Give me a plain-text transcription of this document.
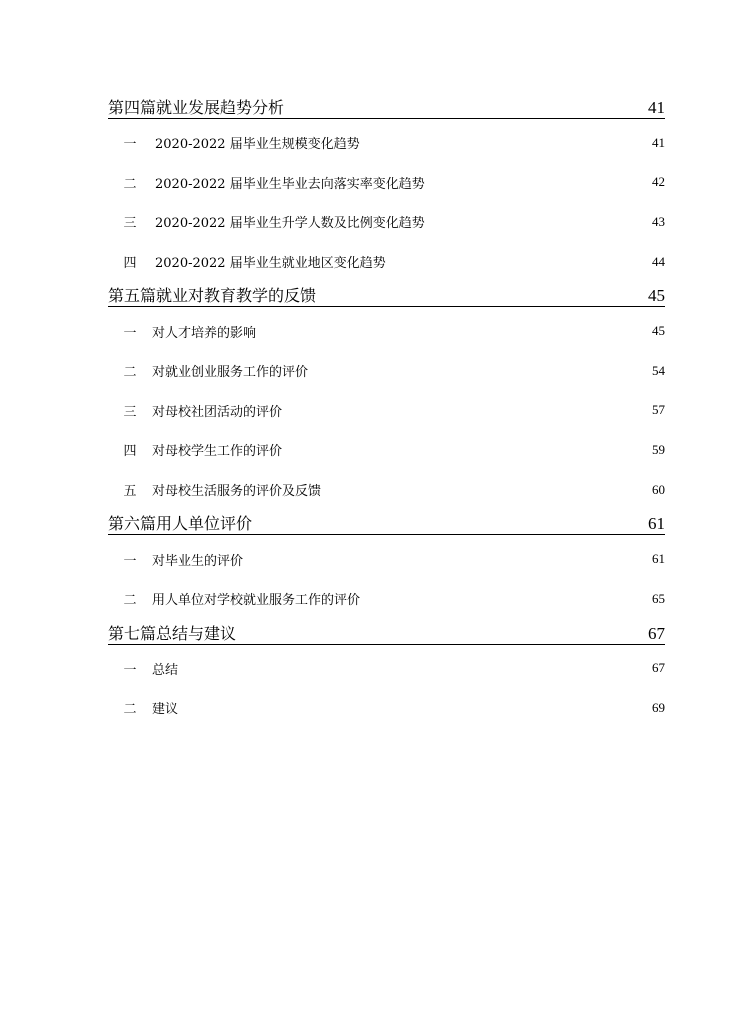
第四篇就业发展趋势分析	41
一 2020-2022 届毕业生规模变化趋势	41
二 2020-2022 届毕业生毕业去向落实率变化趋势	42
三 2020-2022 届毕业生升学人数及比例变化趋势	43
四 2020-2022 届毕业生就业地区变化趋势	44
第五篇就业对教育教学的反馈	45
一 对人才培养的影响	45
二 对就业创业服务工作的评价	54
三 对母校社团活动的评价	57
四 对母校学生工作的评价	59
五 对母校生活服务的评价及反馈	60
第六篇用人单位评价	61
一 对毕业生的评价	61
二 用人单位对学校就业服务工作的评价	65
第七篇总结与建议	67
一 总结	67
二 建议	69
